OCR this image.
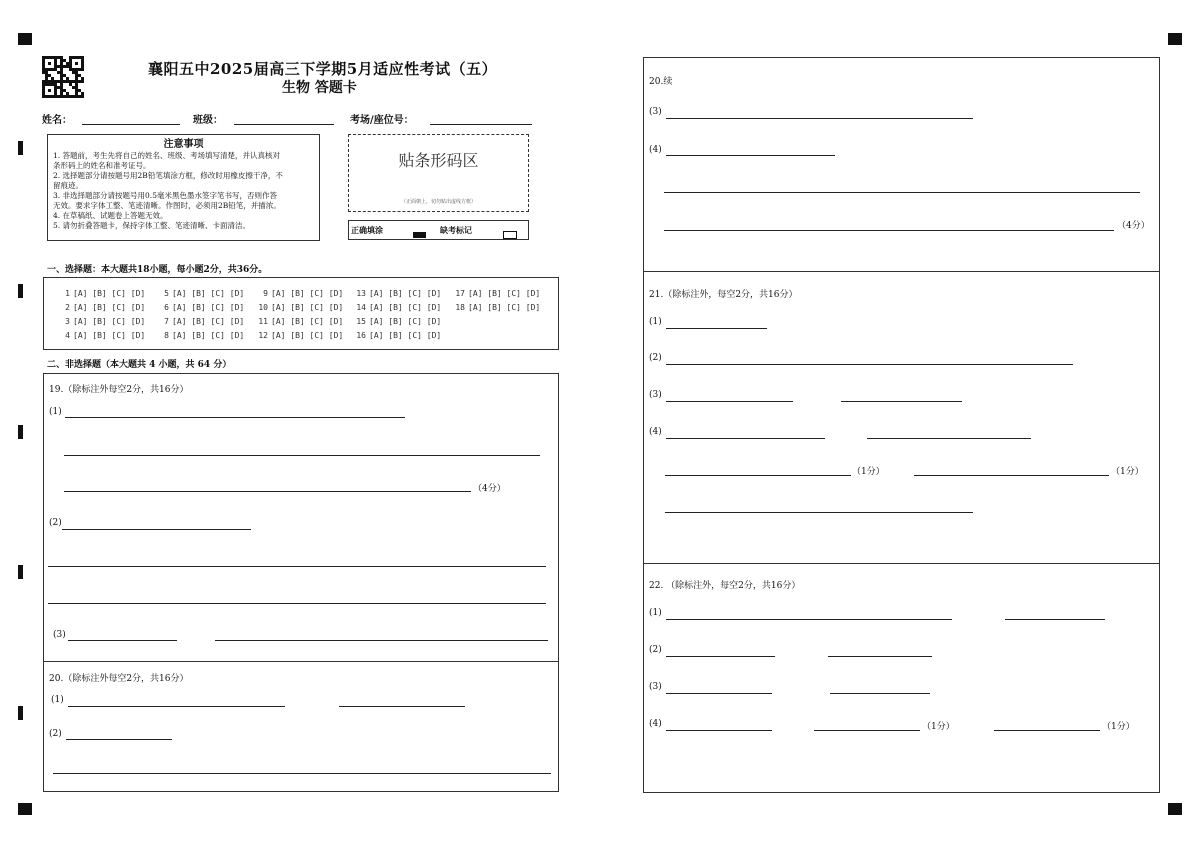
襄阳五中2025届高三下学期5月适应性考试（五）
生物 答题卡
姓名：	班级：	考场/座位号：
注意事项

1. 答题前，考生先将自己的姓名、班级、考场填写清楚，并认真核对

条形码上的姓名和准考证号。

2. 选择题部分请按题号用2B铅笔填涂方框，修改时用橡皮擦干净，不

留痕迹。

3. 非选择题部分请按题号用0.5毫米黑色墨水签字笔书写，否则作答

无效。要求字体工整、笔迹清晰。作图时，必须用2B铅笔，并描浓。

4. 在草稿纸、试题卷上答题无效。

5. 请勿折叠答题卡，保持字体工整、笔迹清晰、卡面清洁。

贴条形码区
（正面朝上，切勿贴出虚线方框）
正确填涂	缺考标记
一、选择题：本大题共18小题，每小题2分，共36分。
1 [A] [B] [C] [D]
2 [A] [B] [C] [D]
3 [A] [B] [C] [D]
4 [A] [B] [C] [D]
5 [A] [B] [C] [D]
6 [A] [B] [C] [D]
7 [A] [B] [C] [D]
8 [A] [B] [C] [D]
9 [A] [B] [C] [D]
10 [A] [B] [C] [D]
11 [A] [B] [C] [D]
12 [A] [B] [C] [D]
13 [A] [B] [C] [D]
14 [A] [B] [C] [D]
15 [A] [B] [C] [D]
16 [A] [B] [C] [D]
17 [A] [B] [C] [D]
18 [A] [B] [C] [D]
二、非选择题（本大题共 4 小题，共 64 分）
19.（除标注外每空2分，共16分）
(1)
（4分）
(2)
(3)
20.（除标注外每空2分，共16分）
(1)
(2)
20.续
(3)
(4)
（4分）
21.（除标注外，每空2分，共16分）
(1)
(2)
(3)
(4)
（1分）	（1分）
22. （除标注外，每空2分，共16分）
(1)
(2)
(3)
(4)	（1分）	（1分）
